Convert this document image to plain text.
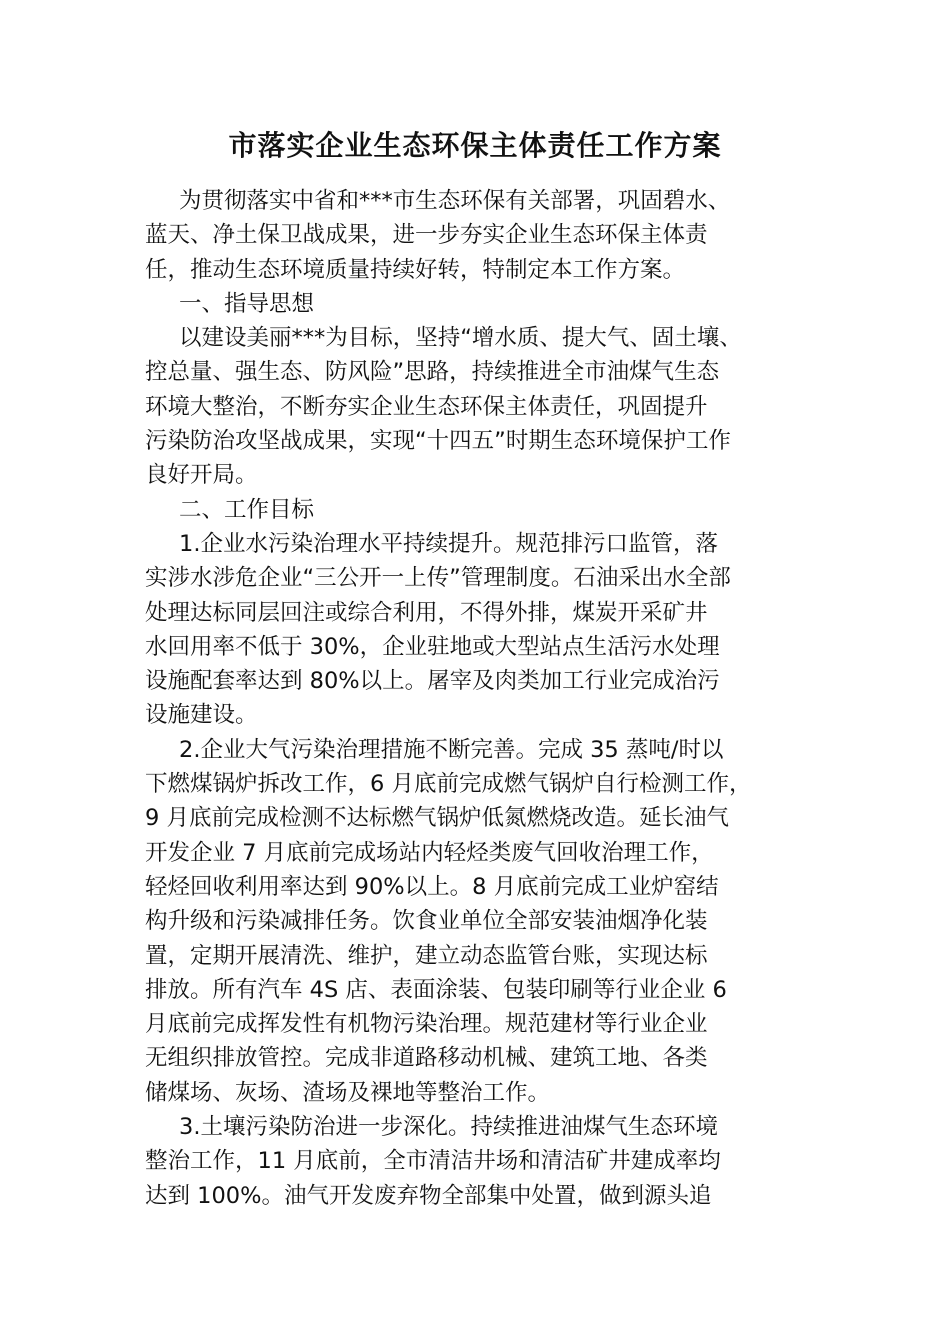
市落实企业生态环保主体责任工作方案
为贯彻落实中省和***市生态环保有关部署，巩固碧水、
蓝天、净土保卫战成果，进一步夯实企业生态环保主体责
任，推动生态环境质量持续好转，特制定本工作方案。
一、指导思想
以建设美丽***为目标，坚持“增水质、提大气、固土壤、
控总量、强生态、防风险”思路，持续推进全市油煤气生态
环境大整治，不断夯实企业生态环保主体责任，巩固提升
污染防治攻坚战成果，实现“十四五”时期生态环境保护工作
良好开局。
二、工作目标
1.企业水污染治理水平持续提升。规范排污口监管，落
实涉水涉危企业“三公开一上传”管理制度。石油采出水全部
处理达标同层回注或综合利用，不得外排，煤炭开采矿井
水回用率不低于 30%，企业驻地或大型站点生活污水处理
设施配套率达到 80%以上。屠宰及肉类加工行业完成治污
设施建设。
2.企业大气污染治理措施不断完善。完成 35 蒸吨/时以
下燃煤锅炉拆改工作，6 月底前完成燃气锅炉自行检测工作，
9 月底前完成检测不达标燃气锅炉低氮燃烧改造。延长油气
开发企业 7 月底前完成场站内轻烃类废气回收治理工作，
轻烃回收利用率达到 90%以上。8 月底前完成工业炉窑结
构升级和污染减排任务。饮食业单位全部安装油烟净化装
置，定期开展清洗、维护，建立动态监管台账，实现达标
排放。所有汽车 4S 店、表面涂装、包装印刷等行业企业 6
月底前完成挥发性有机物污染治理。规范建材等行业企业
无组织排放管控。完成非道路移动机械、建筑工地、各类
储煤场、灰场、渣场及裸地等整治工作。
3.土壤污染防治进一步深化。持续推进油煤气生态环境
整治工作，11 月底前，全市清洁井场和清洁矿井建成率均
达到 100%。油气开发废弃物全部集中处置，做到源头追
